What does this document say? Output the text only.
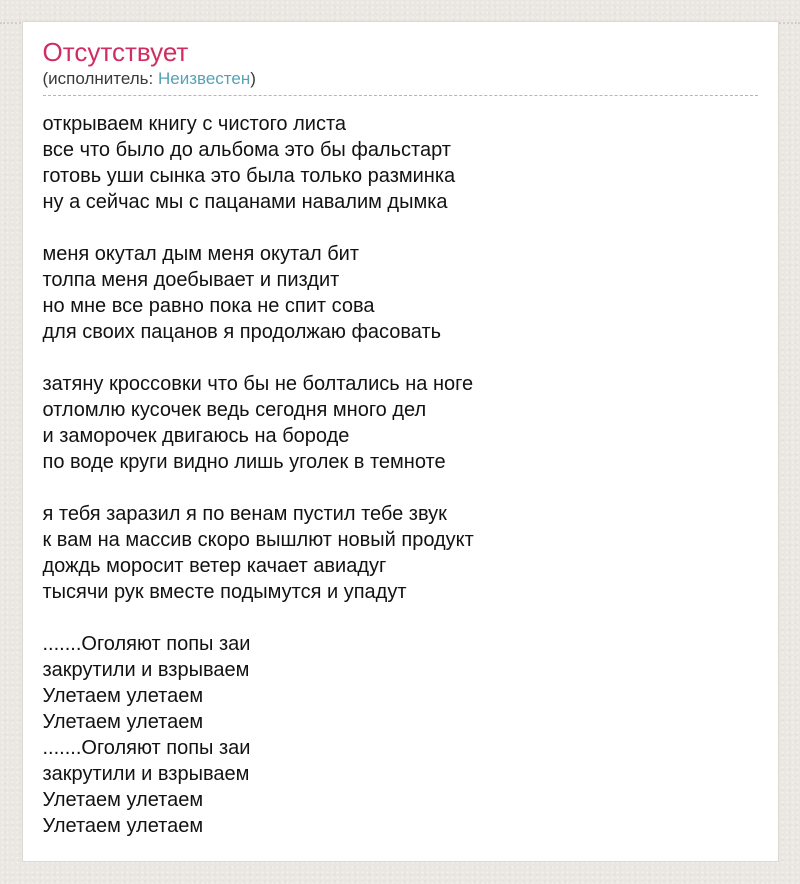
Отсутствует
(исполнитель: Неизвестен)
открываем книгу с чистого листа
все что было до альбома это бы фальстарт
готовь уши сынка это была только разминка
ну а сейчас мы с пацанами навалим дымка
меня окутал дым меня окутал бит
толпа меня доебывает и пиздит
но мне все равно пока не спит сова
для своих пацанов я продолжаю фасовать
затяну кроссовки что бы не болтались на ноге
отломлю кусочек ведь сегодня много дел
и заморочек двигаюсь на бороде
по воде круги видно лишь уголек в темноте
я тебя заразил я по венам пустил тебе звук
к вам на массив скоро вышлют новый продукт
дождь моросит ветер качает авиадуг
тысячи рук вместе подымутся и упадут
.......Оголяют попы заи
закрутили и взрываем
Улетаем улетаем
Улетаем улетаем
.......Оголяют попы заи
закрутили и взрываем
Улетаем улетаем
Улетаем улетаем
